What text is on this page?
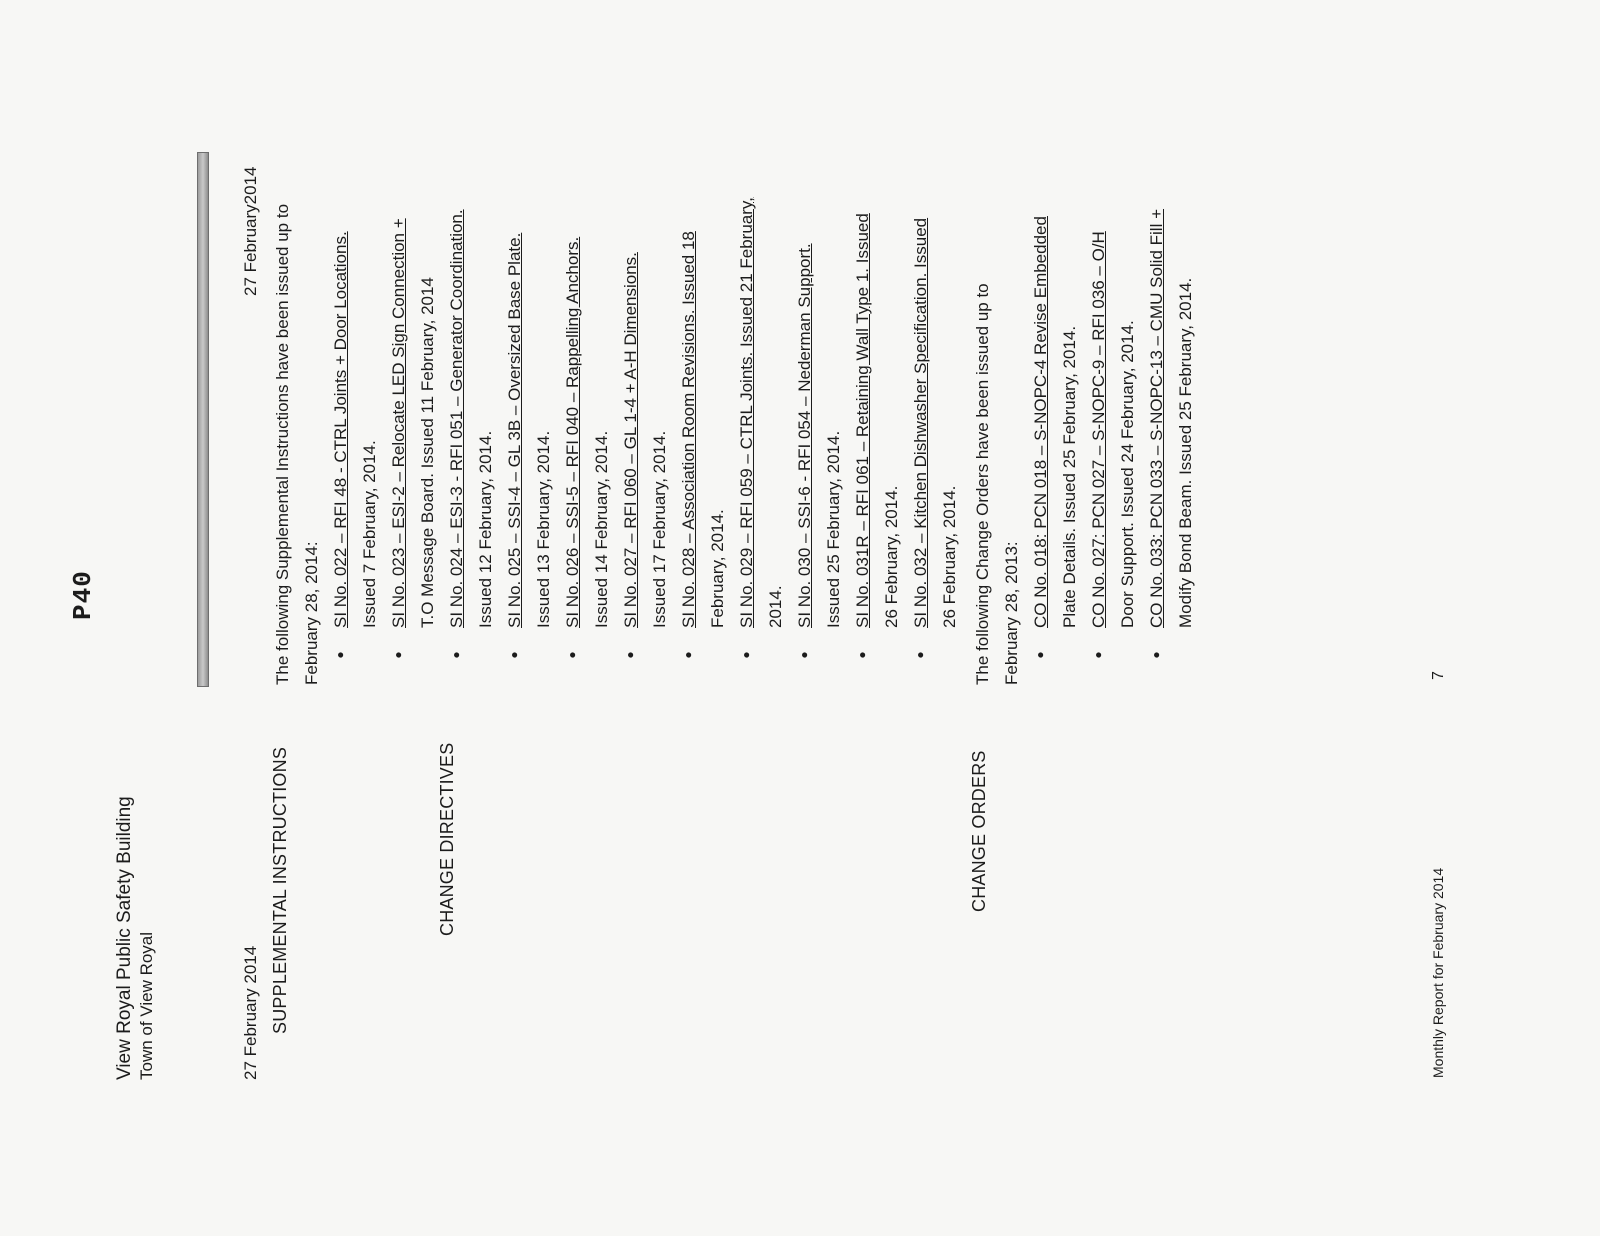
View Royal Public Safety Building Town of View Royal
P40
27 February 2014
27 February2014
SUPPLEMENTAL INSTRUCTIONS	CHANGE ORDERS
CHANGE DIRECTIVES
The following Supplemental Instructions have been issued up to February 28, 2014:	●
SI No. 022 – RFI 48 - CTRL Joints + Door Locations. Issued 7 February, 2014.
●
SI No. 023 – ESI-2 – Relocate LED Sign Connection + T.O Message Board. Issued 11 February, 2014
●
SI No. 024 – ESI-3 - RFI 051 – Generator Coordination. Issued 12 February, 2014.
●
SI No. 025 – SSI-4 – GL 3B – Oversized Base Plate. Issued 13 February, 2014.
●
SI No. 026 – SSI-5 – RFI 040 – Rappelling Anchors. Issued 14 February, 2014.
●
SI No. 027 – RFI 060 – GL 1-4 + A-H Dimensions. Issued 17 February, 2014.
●
SI No. 028 – Association Room Revisions. Issued 18 February, 2014.
●
SI No. 029 – RFI 059 – CTRL Joints. Issued 21 February, 2014.
●
SI No. 030 – SSI-6 - RFI 054 – Nederman Support. Issued 25 February, 2014.
●
SI No. 031R – RFI 061 – Retaining Wall Type 1. Issued 26 February, 2014.
●
SI No. 032 – Kitchen Dishwasher Specification. Issued 26 February, 2014. The following Change Orders have been issued up to February 28, 2013:	●
CO No. 018: PCN 018 – S-NOPC-4 Revise Embedded Plate Details. Issued 25 February, 2014.
●
CO No. 027: PCN 027 – S-NOPC-9 – RFI 036 – O/H Door Support. Issued 24 February, 2014.
●
CO No. 033: PCN 033 – S-NOPC-13 – CMU Solid Fill + Modify Bond Beam. Issued 25 February, 2014.
Monthly Report for February 2014
7
